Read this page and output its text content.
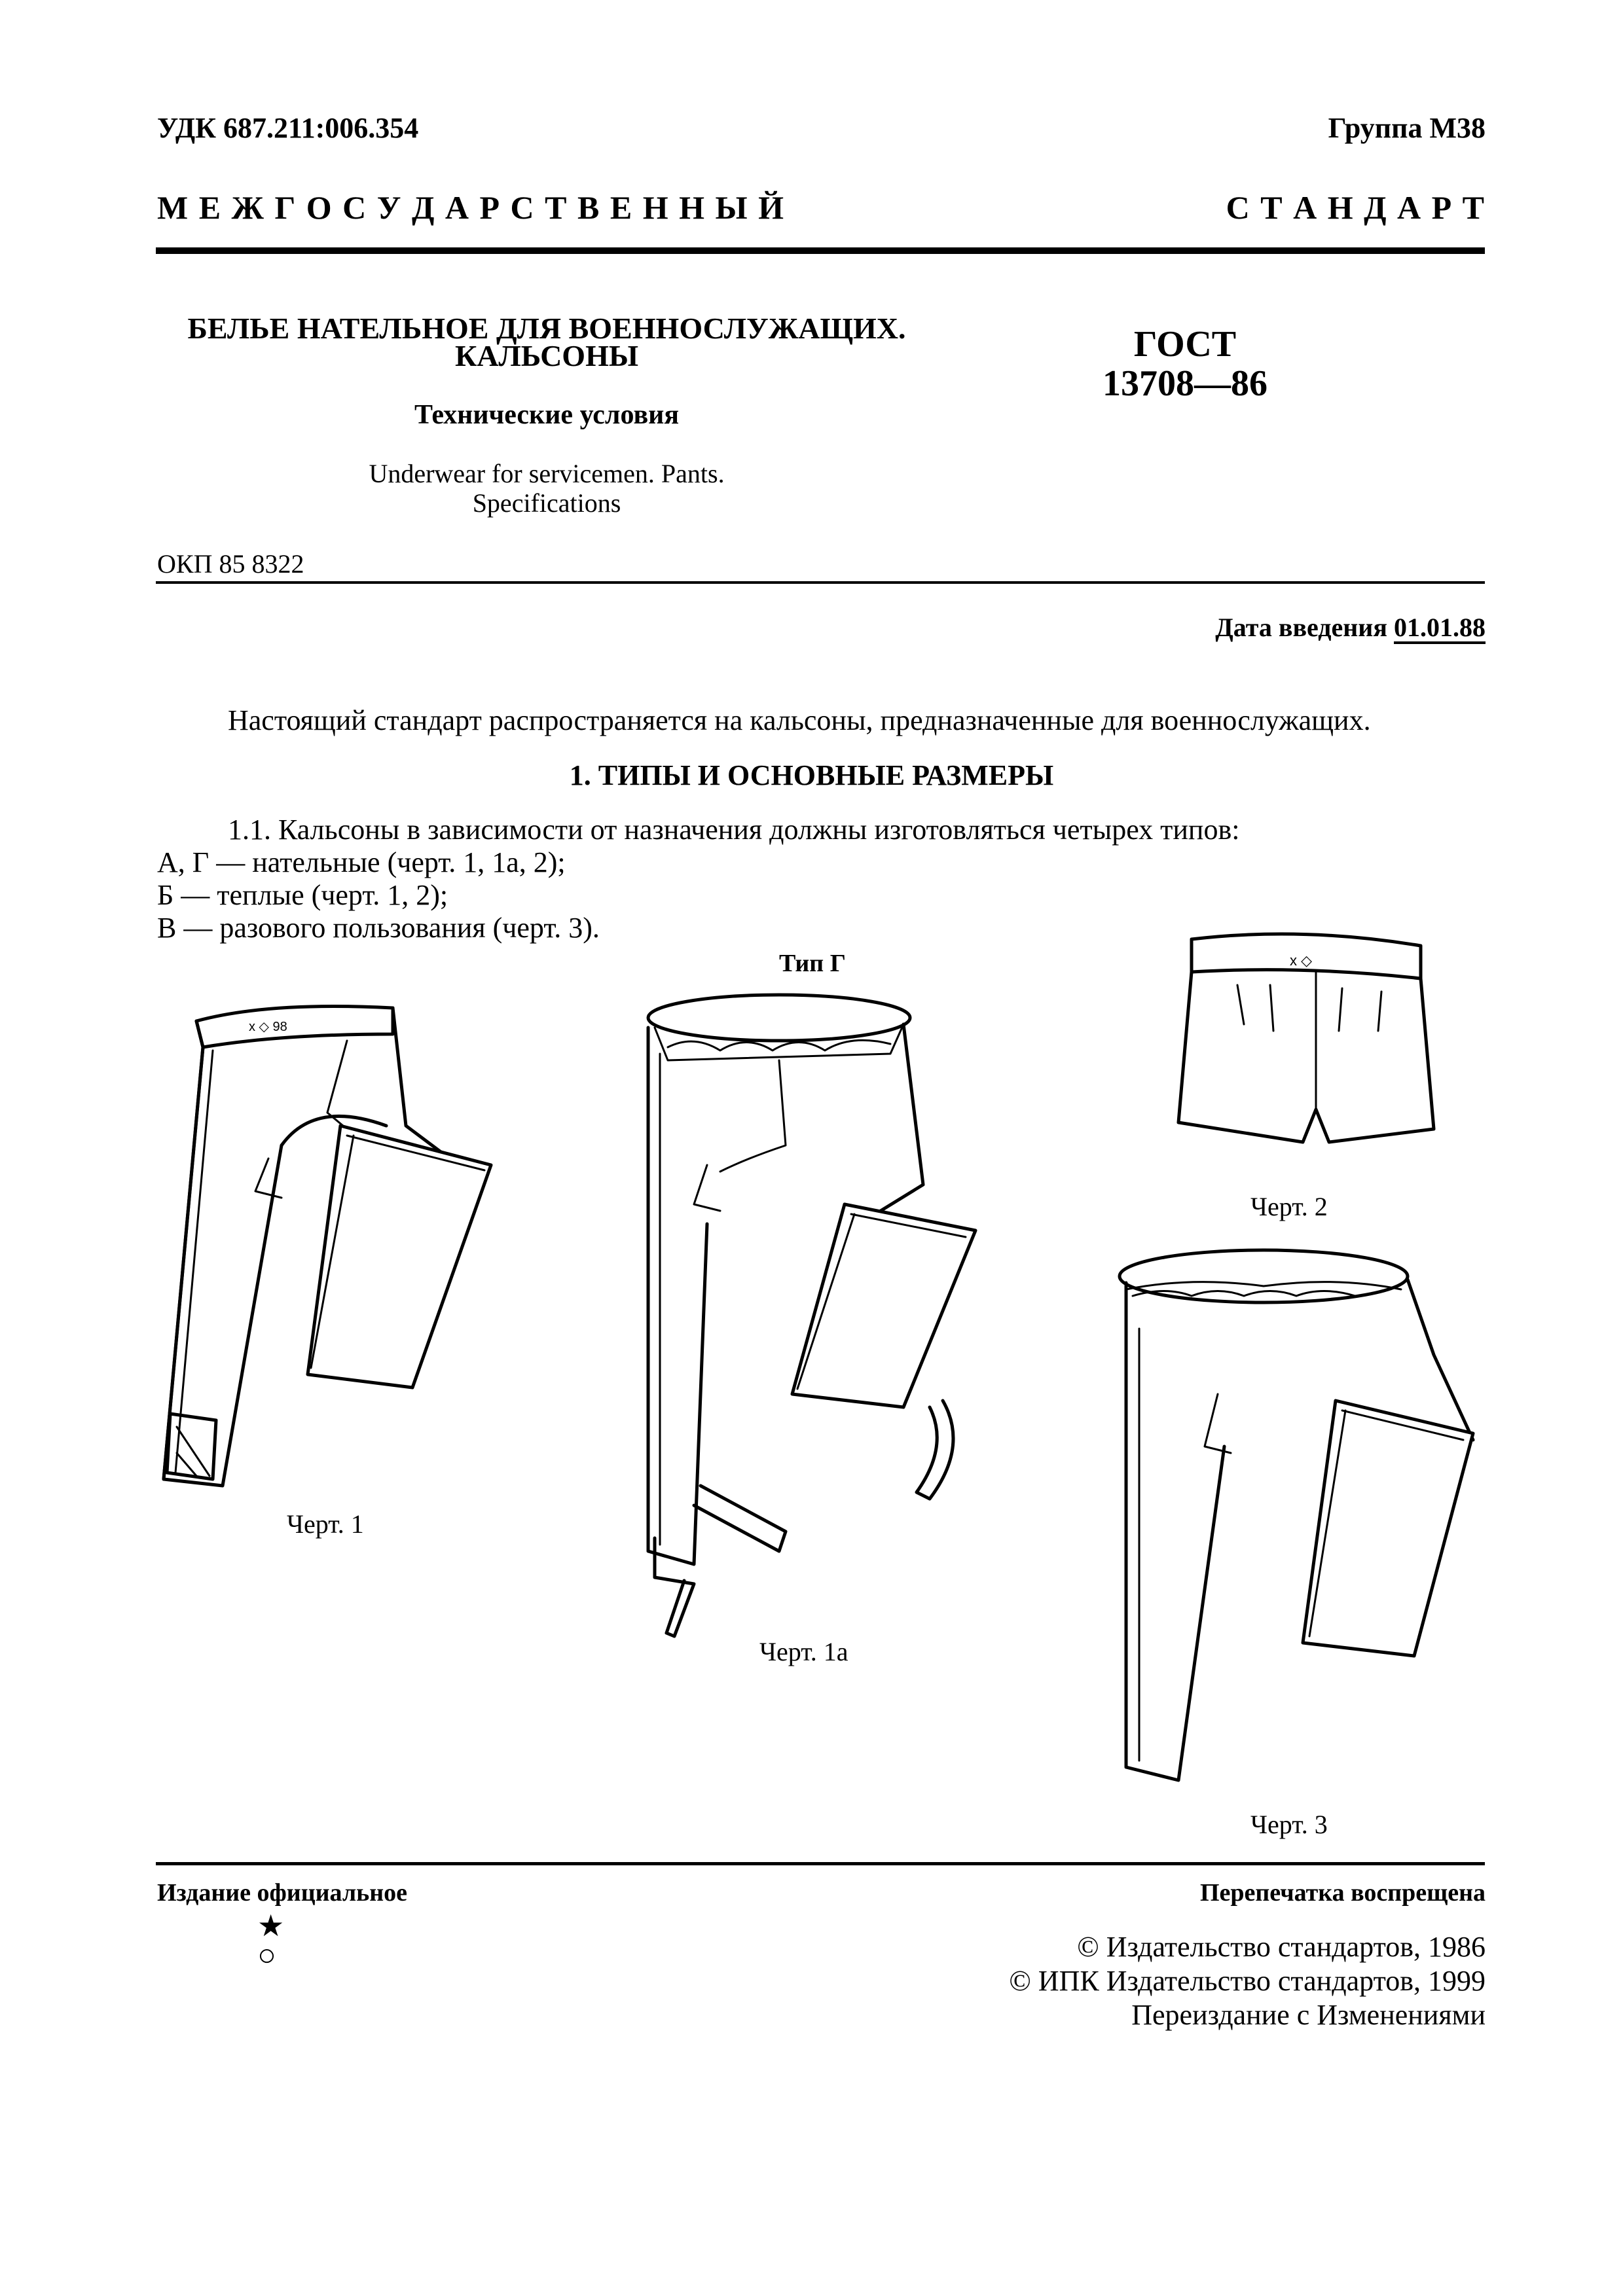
УДК 687.211:006.354	Группа М38
М Е Ж Г О С У Д А Р С Т В Е Н Н Ы Й	С Т А Н Д А Р Т
БЕЛЬЕ НАТЕЛЬНОЕ ДЛЯ ВОЕННОСЛУЖАЩИХ.
КАЛЬСОНЫ
Технические условия
Underwear for servicemen. Pants.
Specifications
ГОСТ
13708—86
ОКП 85 8322
Дата введения 01.01.88
Настоящий стандарт распространяется на кальсоны, предназначенные для военнослужащих.
1. ТИПЫ И ОСНОВНЫЕ РАЗМЕРЫ
1.1. Кальсоны в зависимости от назначения должны изготовляться четырех типов:
А, Г — нательные (черт. 1, 1а, 2);
Б — теплые (черт. 1, 2);
В — разового пользования (черт. 3).
Тип Г
x ◇ 98
x ◇
Черт. 1
Черт. 1а
Черт. 2
Черт. 3
Издание официальное	Перепечатка воспрещена
★
○	© Издательство стандартов, 1986
© ИПК Издательство стандартов, 1999
Переиздание с Изменениями
